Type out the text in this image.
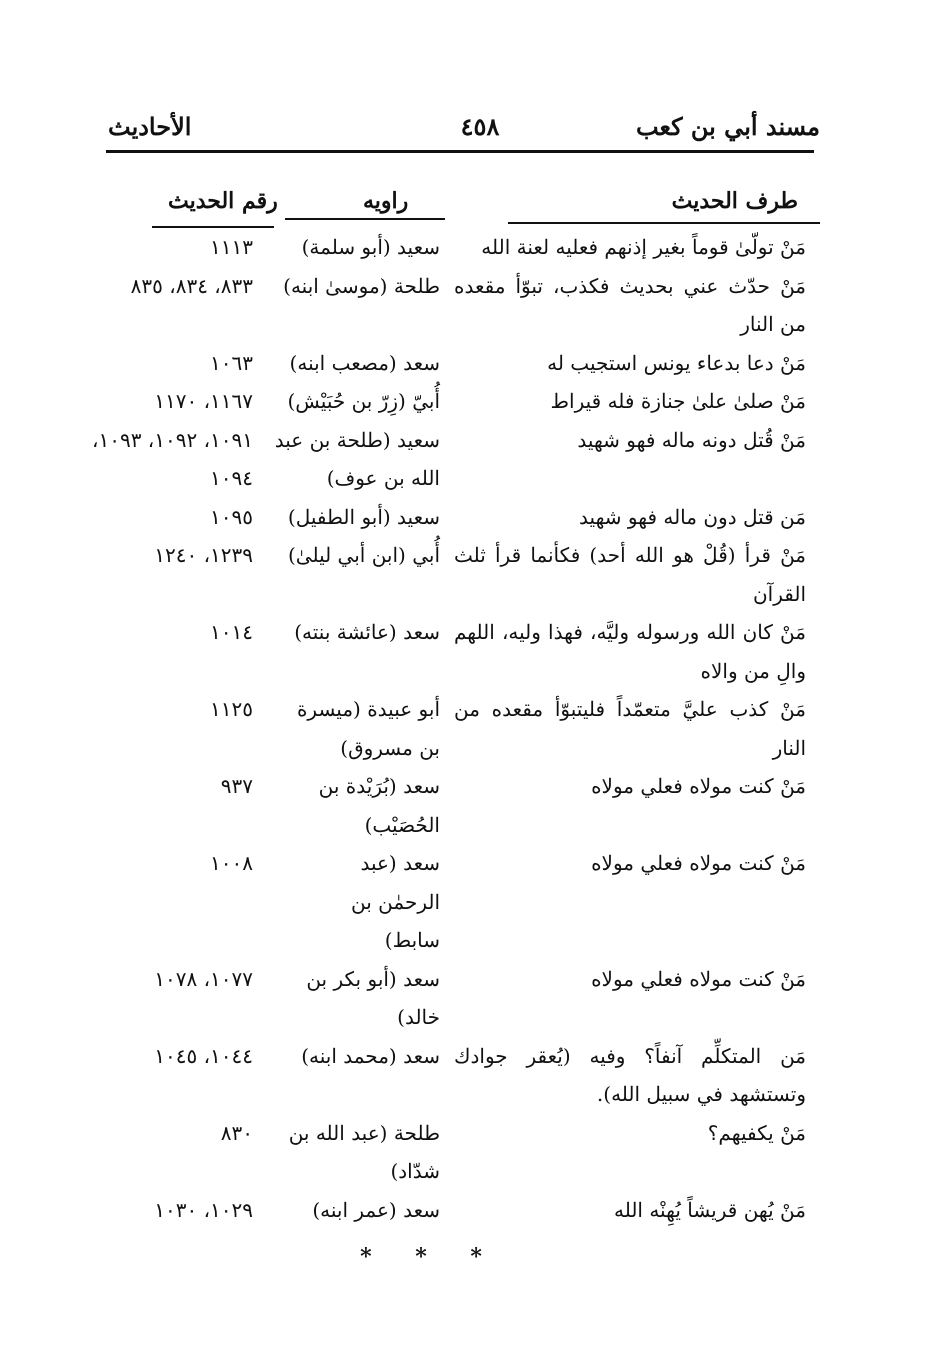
مسند أبي بن كعب
٤٥٨
الأحاديث
طرف الحديث
راويه
رقم الحديث
مَنْ تولّىٰ قوماً بغير إذنهم فعليه لعنة الله
سعيد (أبو سلمة)
١١١٣
مَنْ حدّث عني بحديث فكذب، تبوّأ مقعده من النار
طلحة (موسىٰ ابنه)
٨٣٣، ٨٣٤، ٨٣٥
مَنْ دعا بدعاء يونس استجيب له
سعد (مصعب ابنه)
١٠٦٣
مَنْ صلىٰ علىٰ جنازة فله قيراط
أُبيّ (زِرّ بن حُبَيْش)
١١٦٧، ١١٧٠
مَنْ قُتل دونه ماله فهو شهيد
سعيد (طلحة بن عبد الله بن عوف)
١٠٩١، ١٠٩٢، ١٠٩٣، ١٠٩٤
مَن قتل دون ماله فهو شهيد
سعيد (أبو الطفيل)
١٠٩٥
مَنْ قرأ (قُلْ هو الله أحد) فكأنما قرأ ثلث القرآن
أُبي (ابن أبي ليلىٰ)
١٢٣٩، ١٢٤٠
مَنْ كان الله ورسوله وليَّه، فهذا وليه، اللهم والِ من والاه
سعد (عائشة بنته)
١٠١٤
مَنْ كذب عليَّ متعمّداً فليتبوّأ مقعده من النار
أبو عبيدة (ميسرة بن مسروق)
١١٢٥
مَنْ كنت مولاه فعلي مولاه
سعد (بُرَيْدة بن الحُصَيْب)
٩٣٧
مَنْ كنت مولاه فعلي مولاه
سعد (عبد الرحمٰن بن سابط)
١٠٠٨
مَنْ كنت مولاه فعلي مولاه
سعد (أبو بكر بن خالد)
١٠٧٧، ١٠٧٨
مَن المتكلِّم آنفاً؟ وفيه (يُعقر جوادك وتستشهد في سبيل الله).
سعد (محمد ابنه)
١٠٤٤، ١٠٤٥
مَنْ يكفيهم؟
طلحة (عبد الله بن شدّاد)
٨٣٠
مَنْ يُهن قريشاً يُهِنْه الله
سعد (عمر ابنه)
١٠٢٩، ١٠٣٠
* * *
